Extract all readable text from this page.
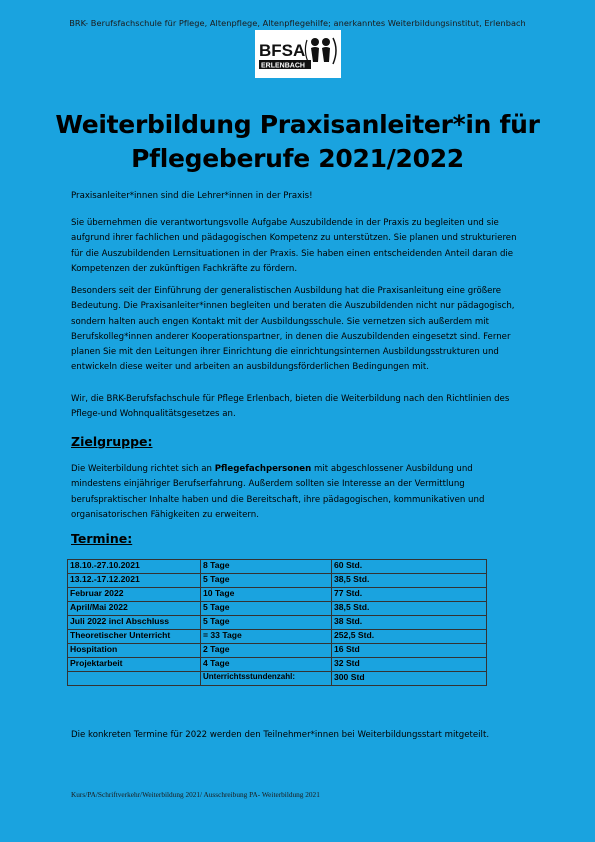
BRK- Berufsfachschule für Pflege, Altenpflege, Altenpflegehilfe; anerkanntes Weiterbildungsinstitut, Erlenbach
BFSA
ERLENBACH
Weiterbildung Praxisanleiter*in für
Pflegeberufe 2021/2022
Praxisanleiter*innen sind die Lehrer*innen in der Praxis!
Sie übernehmen die verantwortungsvolle Aufgabe Auszubildende in der Praxis zu begleiten und sie aufgrund ihrer fachlichen und pädagogischen Kompetenz zu unterstützen. Sie planen und strukturieren für die Auszubildenden Lernsituationen in der Praxis. Sie haben einen entscheidenden Anteil daran die Kompetenzen der zukünftigen Fachkräfte zu fördern.
Besonders seit der Einführung der generalistischen Ausbildung hat die Praxisanleitung eine größere Bedeutung. Die Praxisanleiter*innen begleiten und beraten die Auszubildenden nicht nur pädagogisch, sondern halten auch engen Kontakt mit der Ausbildungsschule. Sie vernetzen sich außerdem mit Berufskolleg*innen anderer Kooperationspartner, in denen die Auszubildenden eingesetzt sind. Ferner planen Sie mit den Leitungen ihrer Einrichtung die einrichtungsinternen Ausbildungsstrukturen und entwickeln diese weiter und arbeiten an ausbildungsförderlichen Bedingungen mit.
Wir, die BRK-Berufsfachschule für Pflege Erlenbach, bieten die Weiterbildung nach den Richtlinien des Pflege-und Wohnqualitätsgesetzes an.
Zielgruppe:
Die Weiterbildung richtet sich an Pflegefachpersonen mit abgeschlossener Ausbildung und mindestens einjähriger Berufserfahrung. Außerdem sollten sie Interesse an der Vermittlung berufspraktischer Inhalte haben und die Bereitschaft, ihre pädagogischen, kommunikativen und organisatorischen Fähigkeiten zu erweitern.
Termine:
18.10.-27.10.2021	8 Tage	60 Std.
13.12.-17.12.2021	5 Tage	38,5 Std.
Februar 2022	10 Tage	77 Std.
April/Mai 2022	5 Tage	38,5 Std.
Juli 2022 incl Abschluss	5 Tage	38 Std.
Theoretischer Unterricht	= 33 Tage	252,5 Std.
Hospitation	2 Tage	16 Std
Projektarbeit	4 Tage	32 Std
	Unterrichtsstundenzahl:	300 Std
Die konkreten Termine für 2022 werden den Teilnehmer*innen bei Weiterbildungsstart mitgeteilt.
Kurs/PA/Schriftverkehr/Weiterbildung 2021/ Ausschreibung PA- Weiterbildung 2021
